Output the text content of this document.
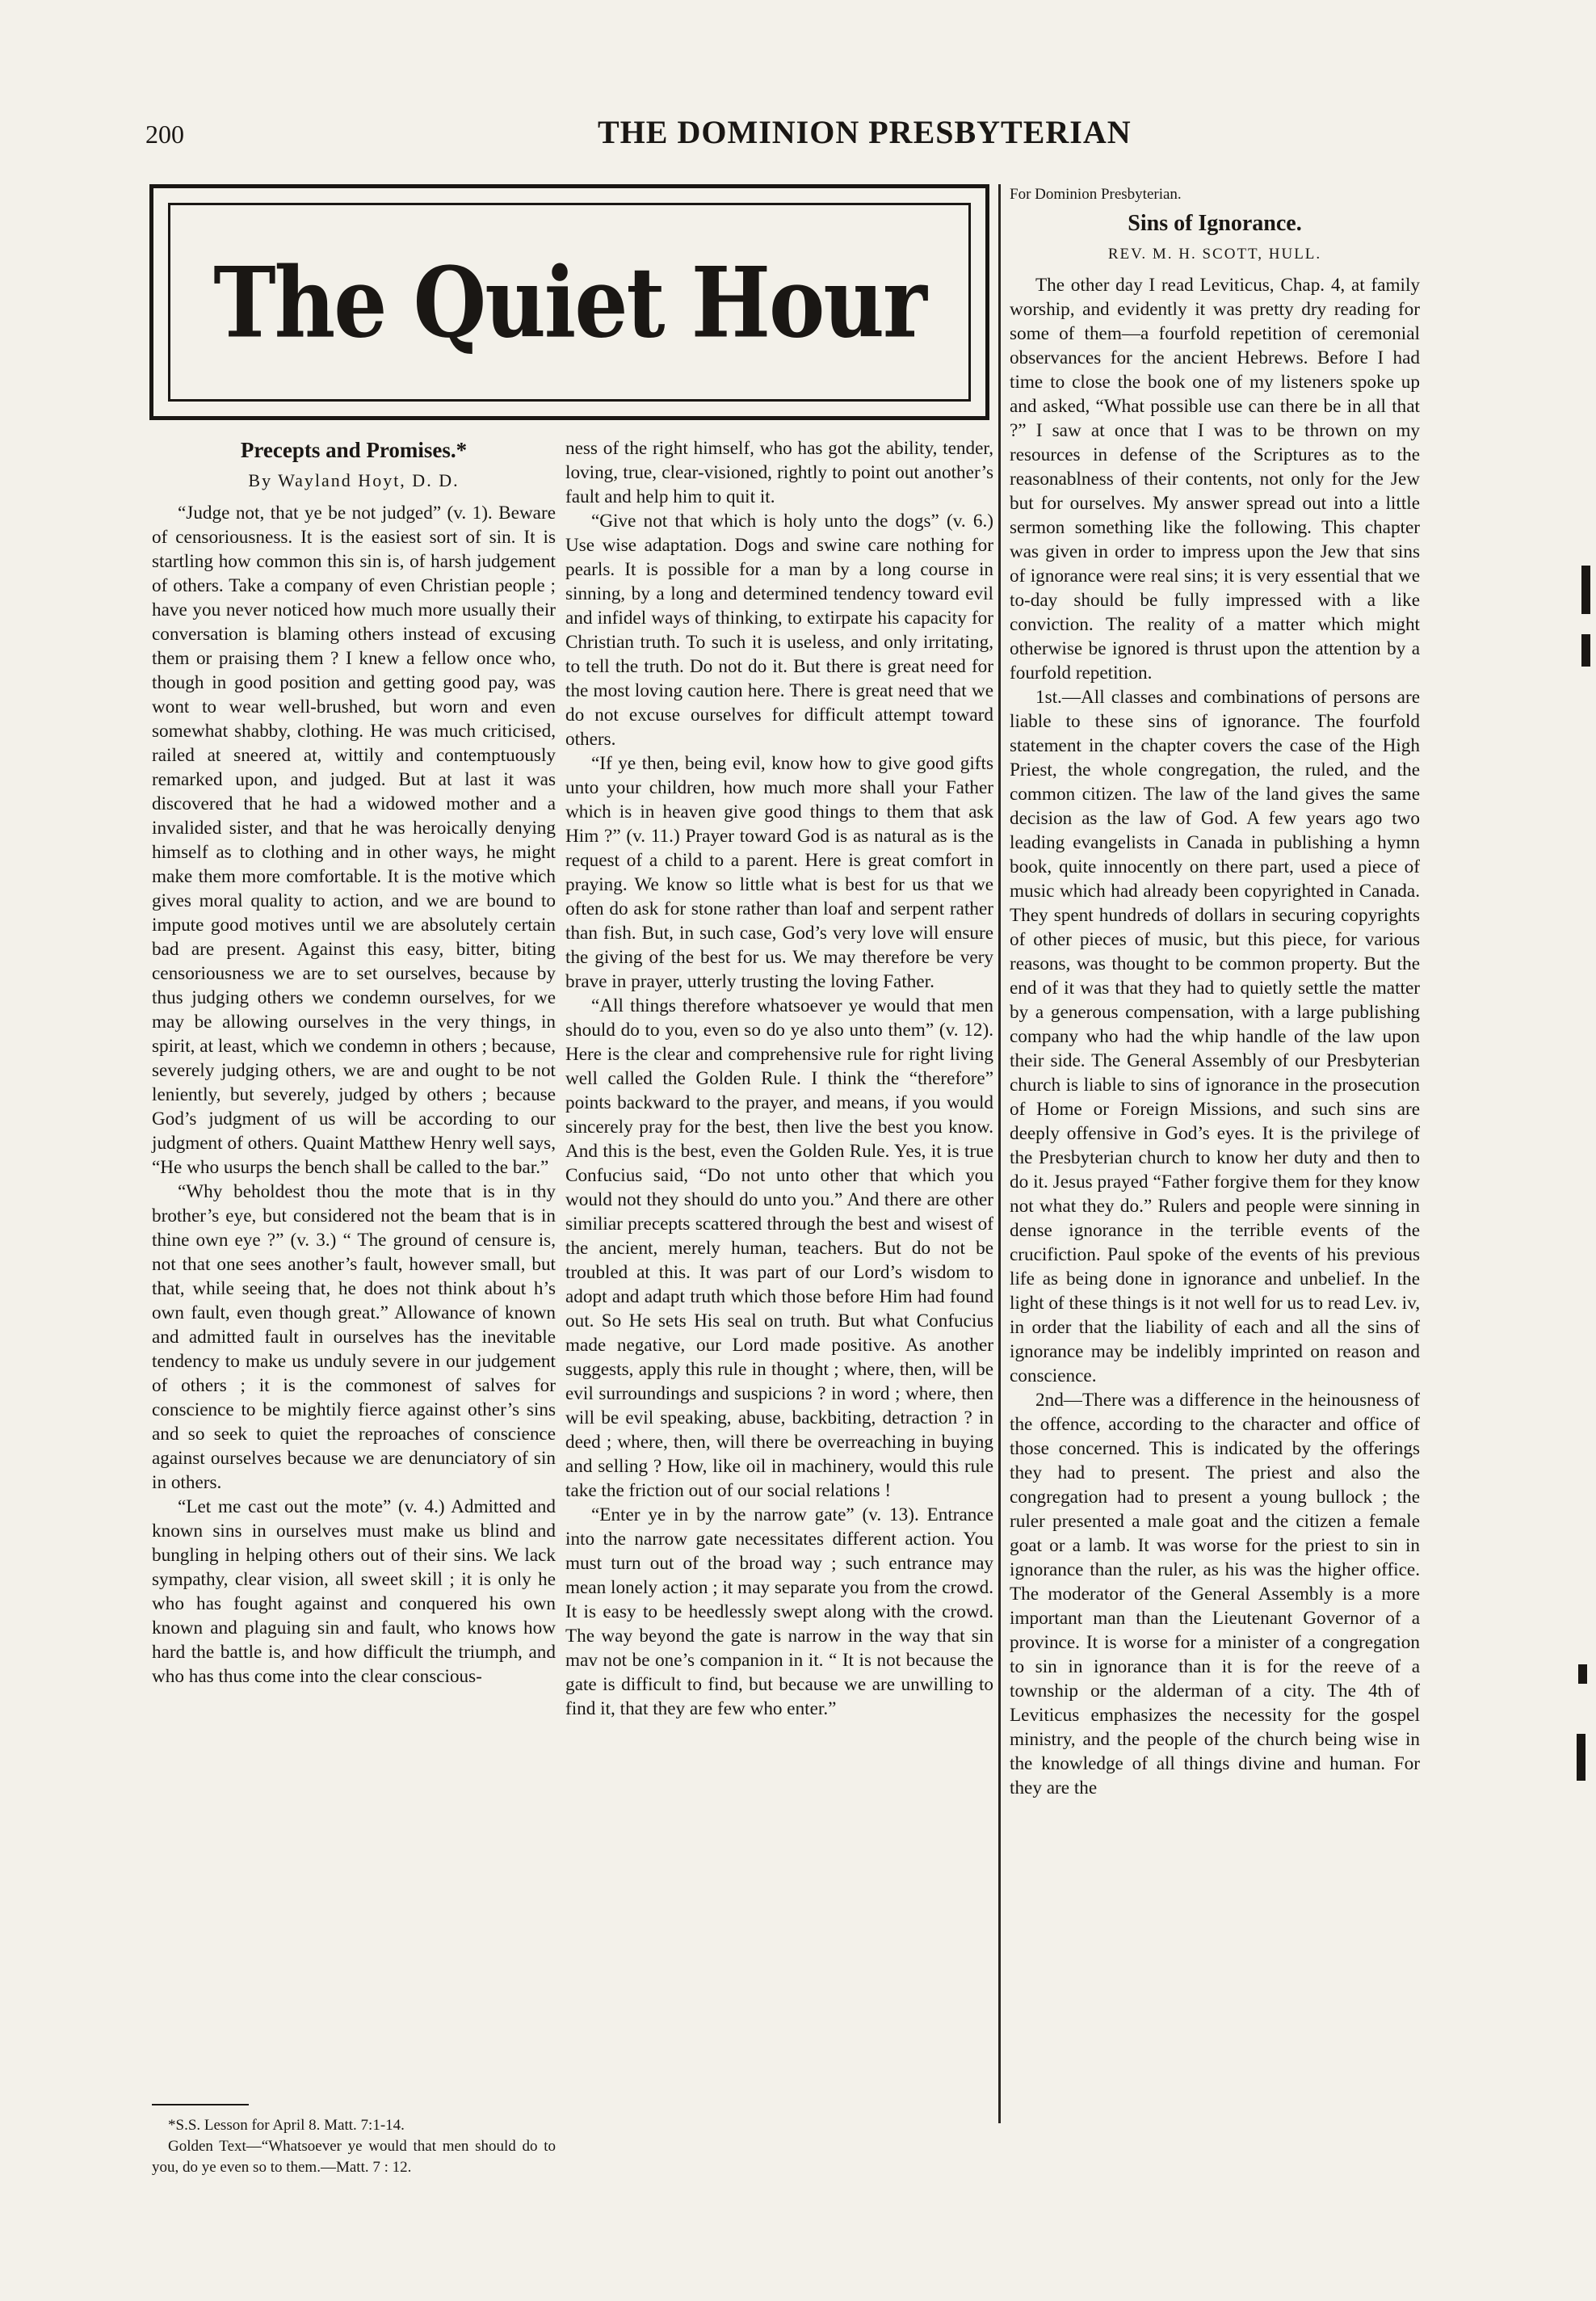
200	THE DOMINION PRESBYTERIAN
The Quiet Hour
Precepts and Promises.*
By Wayland Hoyt, D. D.

“Judge not, that ye be not judged” (v. 1). Beware of censoriousness. It is the easiest sort of sin. It is startling how common this sin is, of harsh judgement of others. Take a company of even Christian people ; have you never noticed how much more usually their conversation is blaming others instead of excusing them or praising them ? I knew a fellow once who, though in good position and getting good pay, was wont to wear well-brushed, but worn and even somewhat shabby, clothing. He was much criticised, railed at sneered at, wittily and contemptuously remarked upon, and judged. But at last it was discovered that he had a widowed mother and a invalided sister, and that he was heroically denying himself as to clothing and in other ways, he might make them more comfortable. It is the motive which gives moral quality to action, and we are bound to impute good motives until we are absolutely certain bad are present. Against this easy, bitter, biting censoriousness we are to set ourselves, because by thus judging others we condemn ourselves, for we may be allowing ourselves in the very things, in spirit, at least, which we condemn in others ; because, severely judging others, we are and ought to be not leniently, but severely, judged by others ; because God’s judgment of us will be according to our judgment of others. Quaint Matthew Henry well says, “He who usurps the bench shall be called to the bar.”

“Why beholdest thou the mote that is in thy brother’s eye, but considered not the beam that is in thine own eye ?” (v. 3.) “ The ground of censure is, not that one sees another’s fault, however small, but that, while seeing that, he does not think about h’s own fault, even though great.” Allowance of known and admitted fault in ourselves has the inevitable tendency to make us unduly severe in our judgement of others ; it is the commonest of salves for conscience to be mightily fierce against other’s sins and so seek to quiet the reproaches of conscience against ourselves because we are denunciatory of sin in others.

“Let me cast out the mote” (v. 4.) Admitted and known sins in ourselves must make us blind and bungling in helping others out of their sins. We lack sympathy, clear vision, all sweet skill ; it is only he who has fought against and conquered his own known and plaguing sin and fault, who knows how hard the battle is, and how difficult the triumph, and who has thus come into the clear conscious-

ness of the right himself, who has got the ability, tender, loving, true, clear-visioned, rightly to point out another’s fault and help him to quit it.

“Give not that which is holy unto the dogs” (v. 6.) Use wise adaptation. Dogs and swine care nothing for pearls. It is possible for a man by a long course in sinning, by a long and determined tendency toward evil and infidel ways of thinking, to extirpate his capacity for Christian truth. To such it is useless, and only irritating, to tell the truth. Do not do it. But there is great need for the most loving caution here. There is great need that we do not excuse ourselves for difficult attempt toward others.

“If ye then, being evil, know how to give good gifts unto your children, how much more shall your Father which is in heaven give good things to them that ask Him ?” (v. 11.) Prayer toward God is as natural as is the request of a child to a parent. Here is great comfort in praying. We know so little what is best for us that we often do ask for stone rather than loaf and serpent rather than fish. But, in such case, God’s very love will ensure the giving of the best for us. We may therefore be very brave in prayer, utterly trusting the loving Father.

“All things therefore whatsoever ye would that men should do to you, even so do ye also unto them” (v. 12). Here is the clear and comprehensive rule for right living well called the Golden Rule. I think the “therefore” points backward to the prayer, and means, if you would sincerely pray for the best, then live the best you know. And this is the best, even the Golden Rule. Yes, it is true Confucius said, “Do not unto other that which you would not they should do unto you.” And there are other similiar precepts scattered through the best and wisest of the ancient, merely human, teachers. But do not be troubled at this. It was part of our Lord’s wisdom to adopt and adapt truth which those before Him had found out. So He sets His seal on truth. But what Confucius made negative, our Lord made positive. As another suggests, apply this rule in thought ; where, then, will be evil surroundings and suspicions ? in word ; where, then will be evil speaking, abuse, backbiting, detraction ? in deed ; where, then, will there be overreaching in buying and selling ? How, like oil in machinery, would this rule take the friction out of our social relations !

“Enter ye in by the narrow gate” (v. 13). Entrance into the narrow gate necessitates different action. You must turn out of the broad way ; such entrance may mean lonely action ; it may separate you from the crowd. It is easy to be heedlessly swept along with the crowd. The way beyond the gate is narrow in the way that sin mav not be one’s companion in it. “ It is not because the gate is difficult to find, but because we are unwilling to find it, that they are few who enter.”

*S.S. Lesson for April 8. Matt. 7:1-14.

Golden Text—“Whatsoever ye would that men should do to you, do ye even so to them.—Matt. 7 : 12.

For Dominion Presbyterian.
Sins of Ignorance.
REV. M. H. SCOTT, HULL.

The other day I read Leviticus, Chap. 4, at family worship, and evidently it was pretty dry reading for some of them—a fourfold repetition of ceremonial observances for the ancient Hebrews. Before I had time to close the book one of my listeners spoke up and asked, “What possible use can there be in all that ?” I saw at once that I was to be thrown on my resources in defense of the Scriptures as to the reasonablness of their contents, not only for the Jew but for ourselves. My answer spread out into a little sermon something like the following. This chapter was given in order to impress upon the Jew that sins of ignorance were real sins; it is very essential that we to-day should be fully impressed with a like conviction. The reality of a matter which might otherwise be ignored is thrust upon the attention by a fourfold repetition.

1st.—All classes and combinations of persons are liable to these sins of ignorance. The fourfold statement in the chapter covers the case of the High Priest, the whole congregation, the ruled, and the common citizen. The law of the land gives the same decision as the law of God. A few years ago two leading evangelists in Canada in publishing a hymn book, quite innocently on there part, used a piece of music which had already been copyrighted in Canada. They spent hundreds of dollars in securing copyrights of other pieces of music, but this piece, for various reasons, was thought to be common property. But the end of it was that they had to quietly settle the matter by a generous compensation, with a large publishing company who had the whip handle of the law upon their side. The General Assembly of our Presbyterian church is liable to sins of ignorance in the prosecution of Home or Foreign Missions, and such sins are deeply offensive in God’s eyes. It is the privilege of the Presbyterian church to know her duty and then to do it. Jesus prayed “Father forgive them for they know not what they do.” Rulers and people were sinning in dense ignorance in the terrible events of the crucifiction. Paul spoke of the events of his previous life as being done in ignorance and unbelief. In the light of these things is it not well for us to read Lev. iv, in order that the liability of each and all the sins of ignorance may be indelibly imprinted on reason and conscience.

2nd—There was a difference in the heinousness of the offence, according to the character and office of those concerned. This is indicated by the offerings they had to present. The priest and also the congregation had to present a young bullock ; the ruler presented a male goat and the citizen a female goat or a lamb. It was worse for the priest to sin in ignorance than the ruler, as his was the higher office. The moderator of the General Assembly is a more important man than the Lieutenant Governor of a province. It is worse for a minister of a congregation to sin in ignorance than it is for the reeve of a township or the alderman of a city. The 4th of Leviticus emphasizes the necessity for the gospel ministry, and the people of the church being wise in the knowledge of all things divine and human. For they are the
